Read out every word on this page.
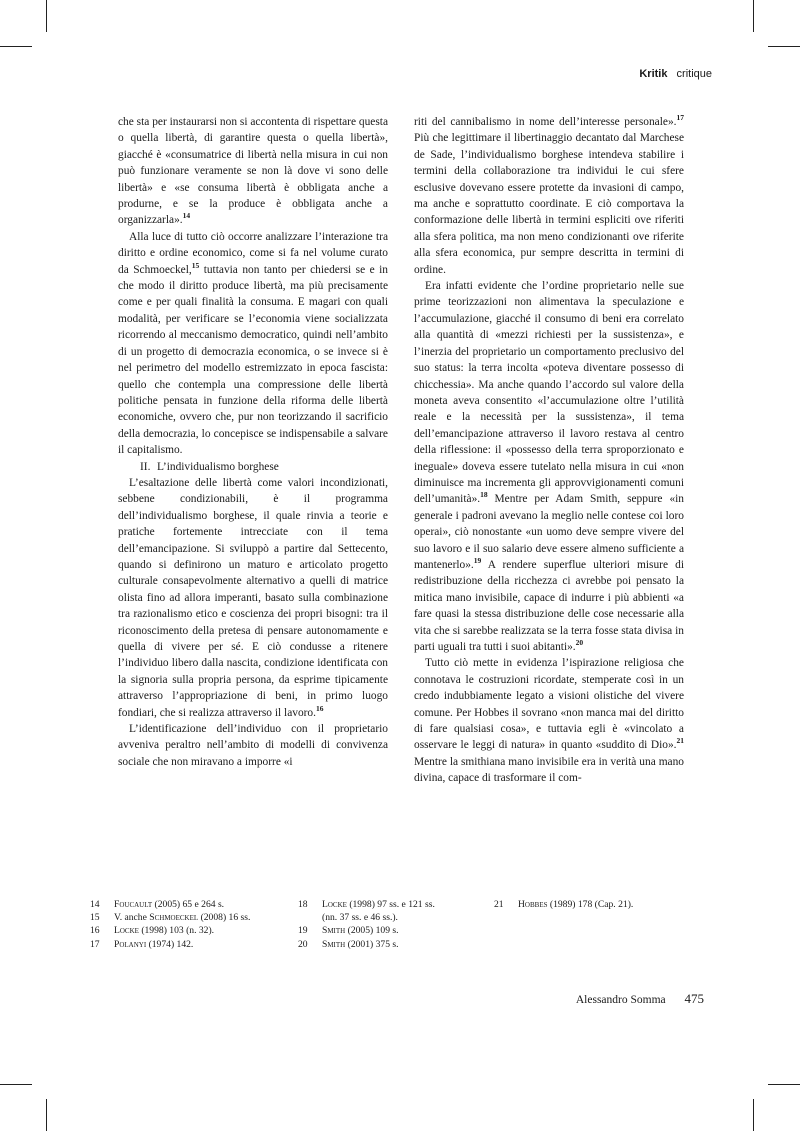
Kritik critique

che sta per instaurarsi non si accontenta di rispettare questa o quella libertà, di garantire questa o quella libertà», giacché è «consumatrice di libertà nella misura in cui non può funzionare veramente se non là dove vi sono delle libertà» e «se consuma libertà è obbligata anche a produrne, e se la produce è obbligata anche a organizzarla».$^{14}$

Alla luce di tutto ciò occorre analizzare l’interazione tra diritto e ordine economico, come si fa nel volume curato da Schmoeckel,$^{15}$ tuttavia non tanto per chiedersi se e in che modo il diritto produce libertà, ma più precisamente come e per quali finalità la consuma. E magari con quali modalità, per verificare se l’economia viene socializzata ricorrendo al meccanismo democratico, quindi nell’ambito di un progetto di democrazia economica, o se invece si è nel perimetro del modello estremizzato in epoca fascista: quello che contempla una compressione delle libertà politiche pensata in funzione della riforma delle libertà economiche, ovvero che, pur non teorizzando il sacrificio della democrazia, lo concepisce se indispensabile a salvare il capitalismo.

II. L’individualismo borghese

L’esaltazione delle libertà come valori incondizionati, sebbene condizionabili, è il programma dell’individualismo borghese, il quale rinvia a teorie e pratiche fortemente intrecciate con il tema dell’emancipazione. Si sviluppò a partire dal Settecento, quando si definirono un maturo e articolato progetto culturale consapevolmente alternativo a quelli di matrice olista fino ad allora imperanti, basato sulla combinazione tra razionalismo etico e coscienza dei propri bisogni: tra il riconoscimento della pretesa di pensare autonomamente e quella di vivere per sé. E ciò condusse a ritenere l’individuo libero dalla nascita, condizione identificata con la signoria sulla propria persona, da esprime tipicamente attraverso l’appropriazione di beni, in primo luogo fondiari, che si realizza attraverso il lavoro.$^{16}$

L’identificazione dell’individuo con il proprietario avveniva peraltro nell’ambito di modelli di convivenza sociale che non miravano a imporre «i

riti del cannibalismo in nome dell’interesse personale».$^{17}$ Più che legittimare il libertinaggio decantato dal Marchese de Sade, l’individualismo borghese intendeva stabilire i termini della collaborazione tra individui le cui sfere esclusive dovevano essere protette da invasioni di campo, ma anche e soprattutto coordinate. E ciò comportava la conformazione delle libertà in termini espliciti ove riferiti alla sfera politica, ma non meno condizionanti ove riferite alla sfera economica, pur sempre descritta in termini di ordine.

Era infatti evidente che l’ordine proprietario nelle sue prime teorizzazioni non alimentava la speculazione e l’accumulazione, giacché il consumo di beni era correlato alla quantità di «mezzi richiesti per la sussistenza», e l’inerzia del proprietario un comportamento preclusivo del suo status: la terra incolta «poteva diventare possesso di chicchessia». Ma anche quando l’accordo sul valore della moneta aveva consentito «l’accumulazione oltre l’utilità reale e la necessità per la sussistenza», il tema dell’emancipazione attraverso il lavoro restava al centro della riflessione: il «possesso della terra sproporzionato e ineguale» doveva essere tutelato nella misura in cui «non diminuisce ma incrementa gli approvvigionamenti comuni dell’umanità».$^{18}$ Mentre per Adam Smith, seppure «in generale i padroni avevano la meglio nelle contese coi loro operai», ciò nonostante «un uomo deve sempre vivere del suo lavoro e il suo salario deve essere almeno sufficiente a mantenerlo».$^{19}$ A rendere superflue ulteriori misure di redistribuzione della ricchezza ci avrebbe poi pensato la mitica mano invisibile, capace di indurre i più abbienti «a fare quasi la stessa distribuzione delle cose necessarie alla vita che si sarebbe realizzata se la terra fosse stata divisa in parti uguali tra tutti i suoi abitanti».$^{20}$

Tutto ciò mette in evidenza l’ispirazione religiosa che connotava le costruzioni ricordate, stemperate così in un credo indubbiamente legato a visioni olistiche del vivere comune. Per Hobbes il sovrano «non manca mai del diritto di fare qualsiasi cosa», e tuttavia egli è «vincolato a osservare le leggi di natura» in quanto «suddito di Dio».$^{21}$ Mentre la smithiana mano invisibile era in verità una mano divina, capace di trasformare il com-

14 Foucault (2005) 65 e 264 s.
15 V. anche Schmoeckel (2008) 16 ss.
16 Locke (1998) 103 (n. 32).
17 Polanyi (1974) 142.
18 Locke (1998) 97 ss. e 121 ss.
(nn. 37 ss. e 46 ss.).
19 Smith (2005) 109 s.
20 Smith (2001) 375 s.
21 Hobbes (1989) 178 (Cap. 21).
Alessandro Somma 475
